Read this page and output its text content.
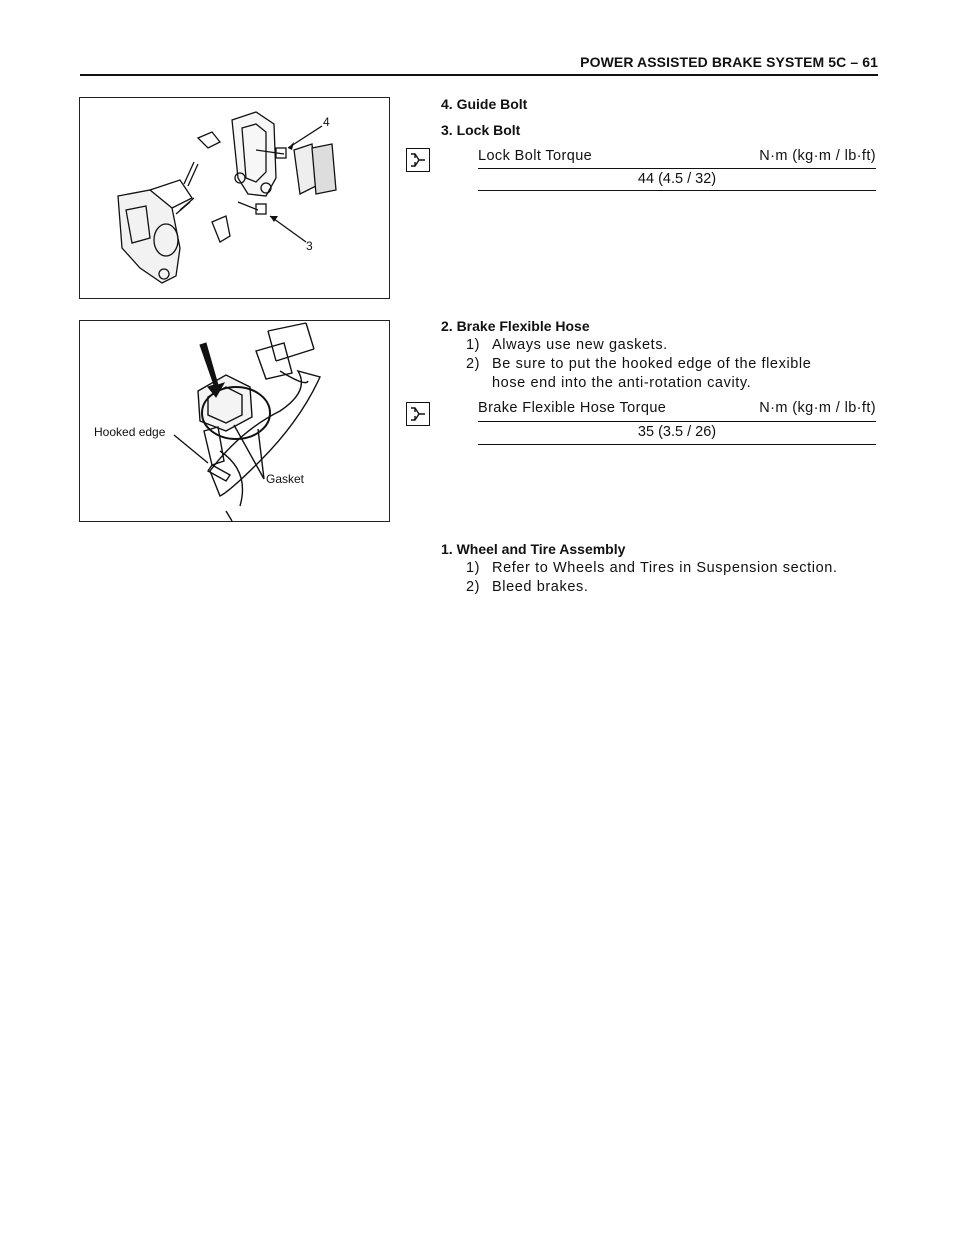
POWER ASSISTED BRAKE SYSTEM 5C – 61
4
3
Hooked edge
Gasket
4. Guide Bolt
3. Lock Bolt
Lock Bolt Torque	N·m (kg·m / lb·ft)
44 (4.5 / 32)
2. Brake Flexible Hose
1) Always use new gaskets.
2) Be sure to put the hooked edge of the flexible
hose end into the anti-rotation cavity.
Brake Flexible Hose Torque	N·m (kg·m / lb·ft)
35 (3.5 / 26)
1. Wheel and Tire Assembly
1) Refer to Wheels and Tires in Suspension section.
2) Bleed brakes.
